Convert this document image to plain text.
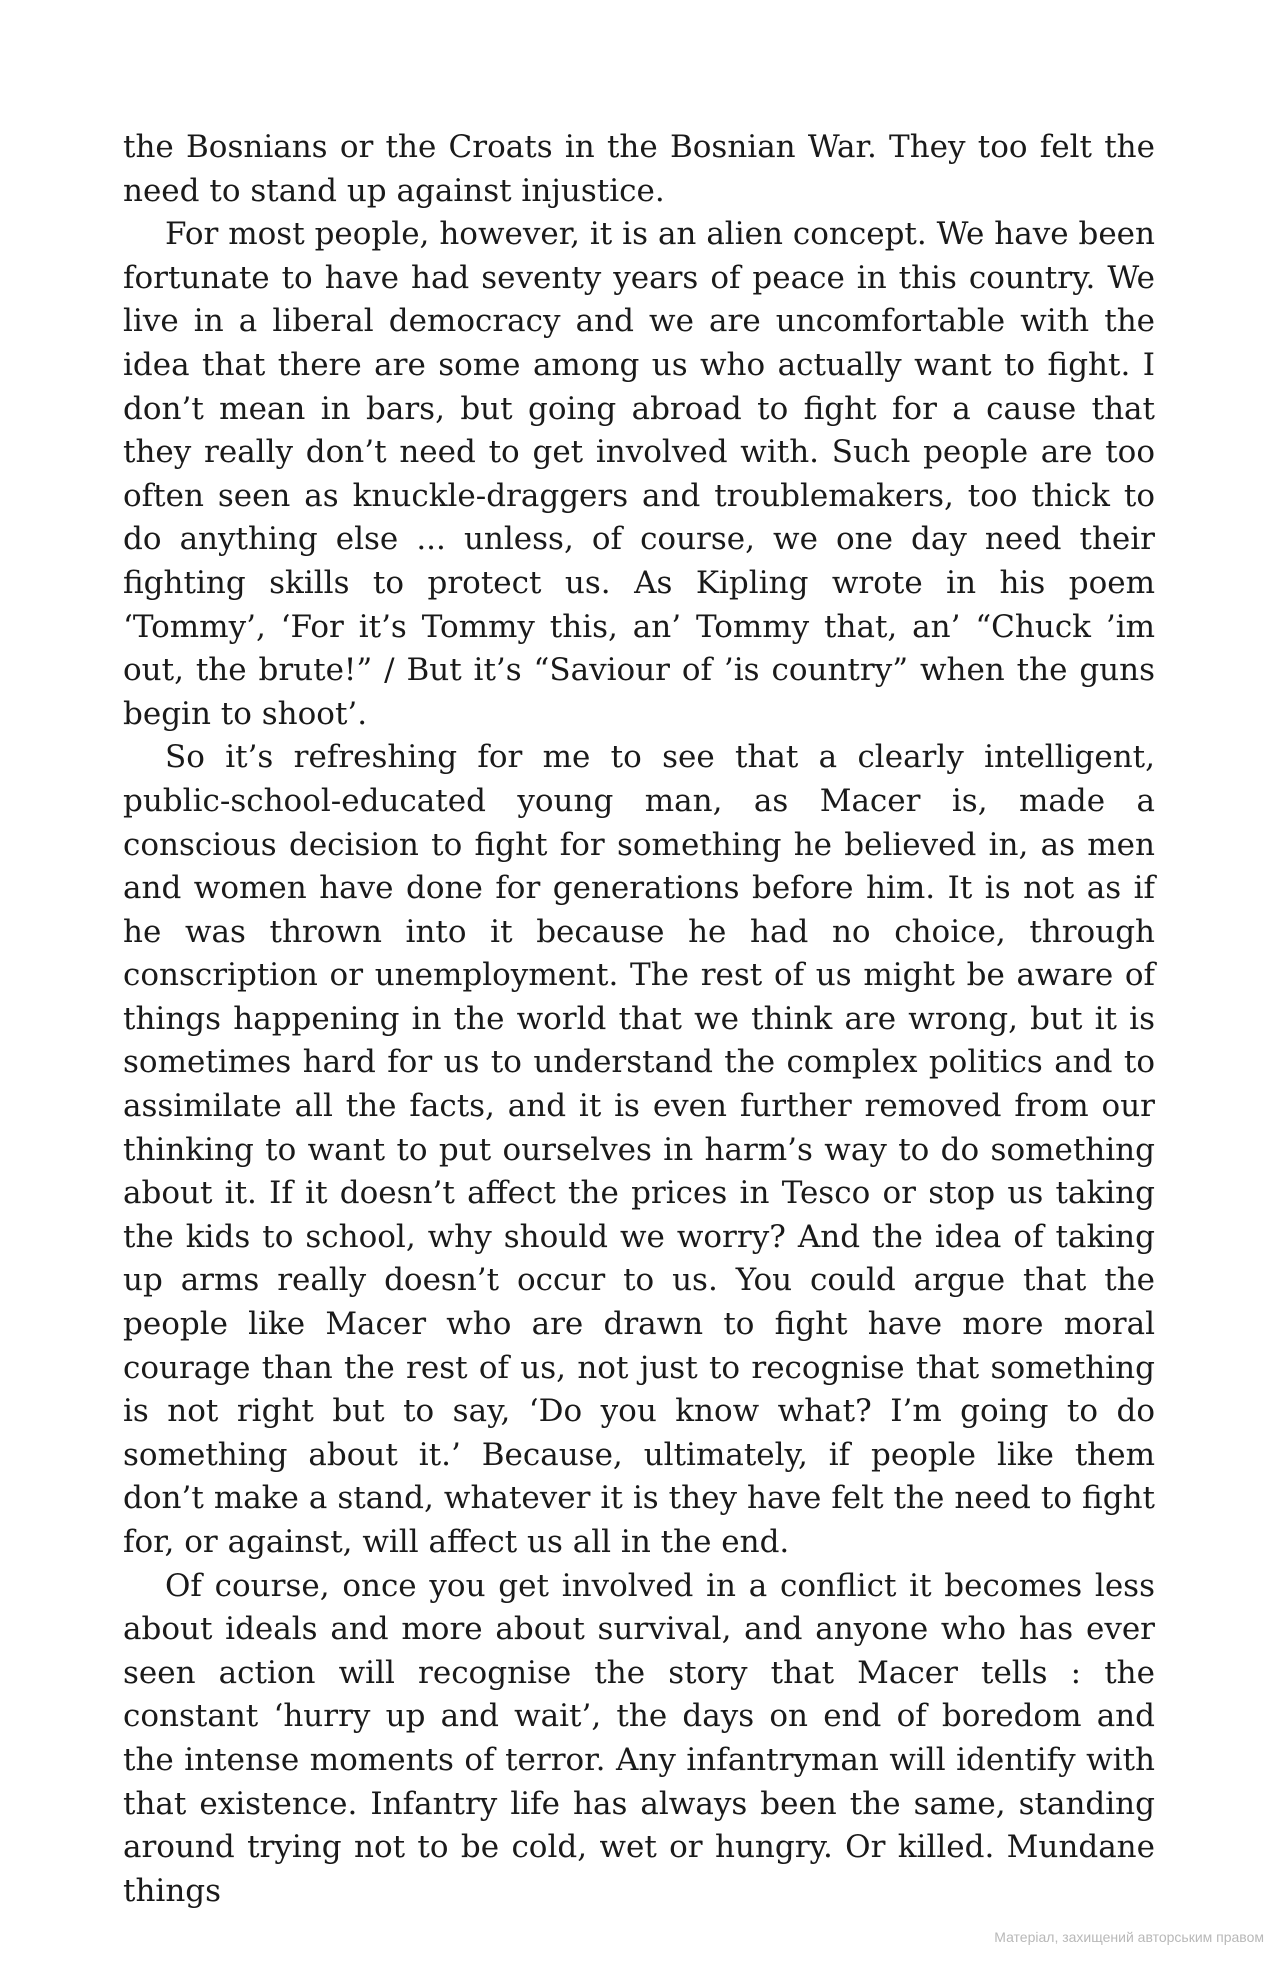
the Bosnians or the Croats in the Bosnian War. They too felt the need to stand up against injustice.

For most people, however, it is an alien concept. We have been fortunate to have had seventy years of peace in this country. We live in a liberal democracy and we are uncomfortable with the idea that there are some among us who actually want to fight. I don’t mean in bars, but going abroad to fight for a cause that they really don’t need to get involved with. Such people are too often seen as knuckle-draggers and troublemakers, too thick to do anything else ... unless, of course, we one day need their fighting skills to protect us. As Kipling wrote in his poem ‘Tommy’, ‘For it’s Tommy this, an’ Tommy that, an’ “Chuck ’im out, the brute!” / But it’s “Saviour of ’is country” when the guns begin to shoot’.

So it’s refreshing for me to see that a clearly intelligent, public-school-educated young man, as Macer is, made a conscious decision to fight for something he believed in, as men and women have done for generations before him. It is not as if he was thrown into it because he had no choice, through conscription or unemployment. The rest of us might be aware of things happening in the world that we think are wrong, but it is sometimes hard for us to understand the complex politics and to assimilate all the facts, and it is even further removed from our thinking to want to put ourselves in harm’s way to do something about it. If it doesn’t affect the prices in Tesco or stop us taking the kids to school, why should we worry? And the idea of taking up arms really doesn’t occur to us. You could argue that the people like Macer who are drawn to fight have more moral courage than the rest of us, not just to recognise that something is not right but to say, ‘Do you know what? I’m going to do something about it.’ Because, ultimately, if people like them don’t make a stand, whatever it is they have felt the need to fight for, or against, will affect us all in the end.

Of course, once you get involved in a conflict it becomes less about ideals and more about survival, and anyone who has ever seen action will recognise the story that Macer tells : the constant ‘hurry up and wait’, the days on end of boredom and the intense moments of terror. Any infantryman will identify with that existence. Infantry life has always been the same, standing around trying not to be cold, wet or hungry. Or killed. Mundane things

Матеріал, захищений авторським правом
